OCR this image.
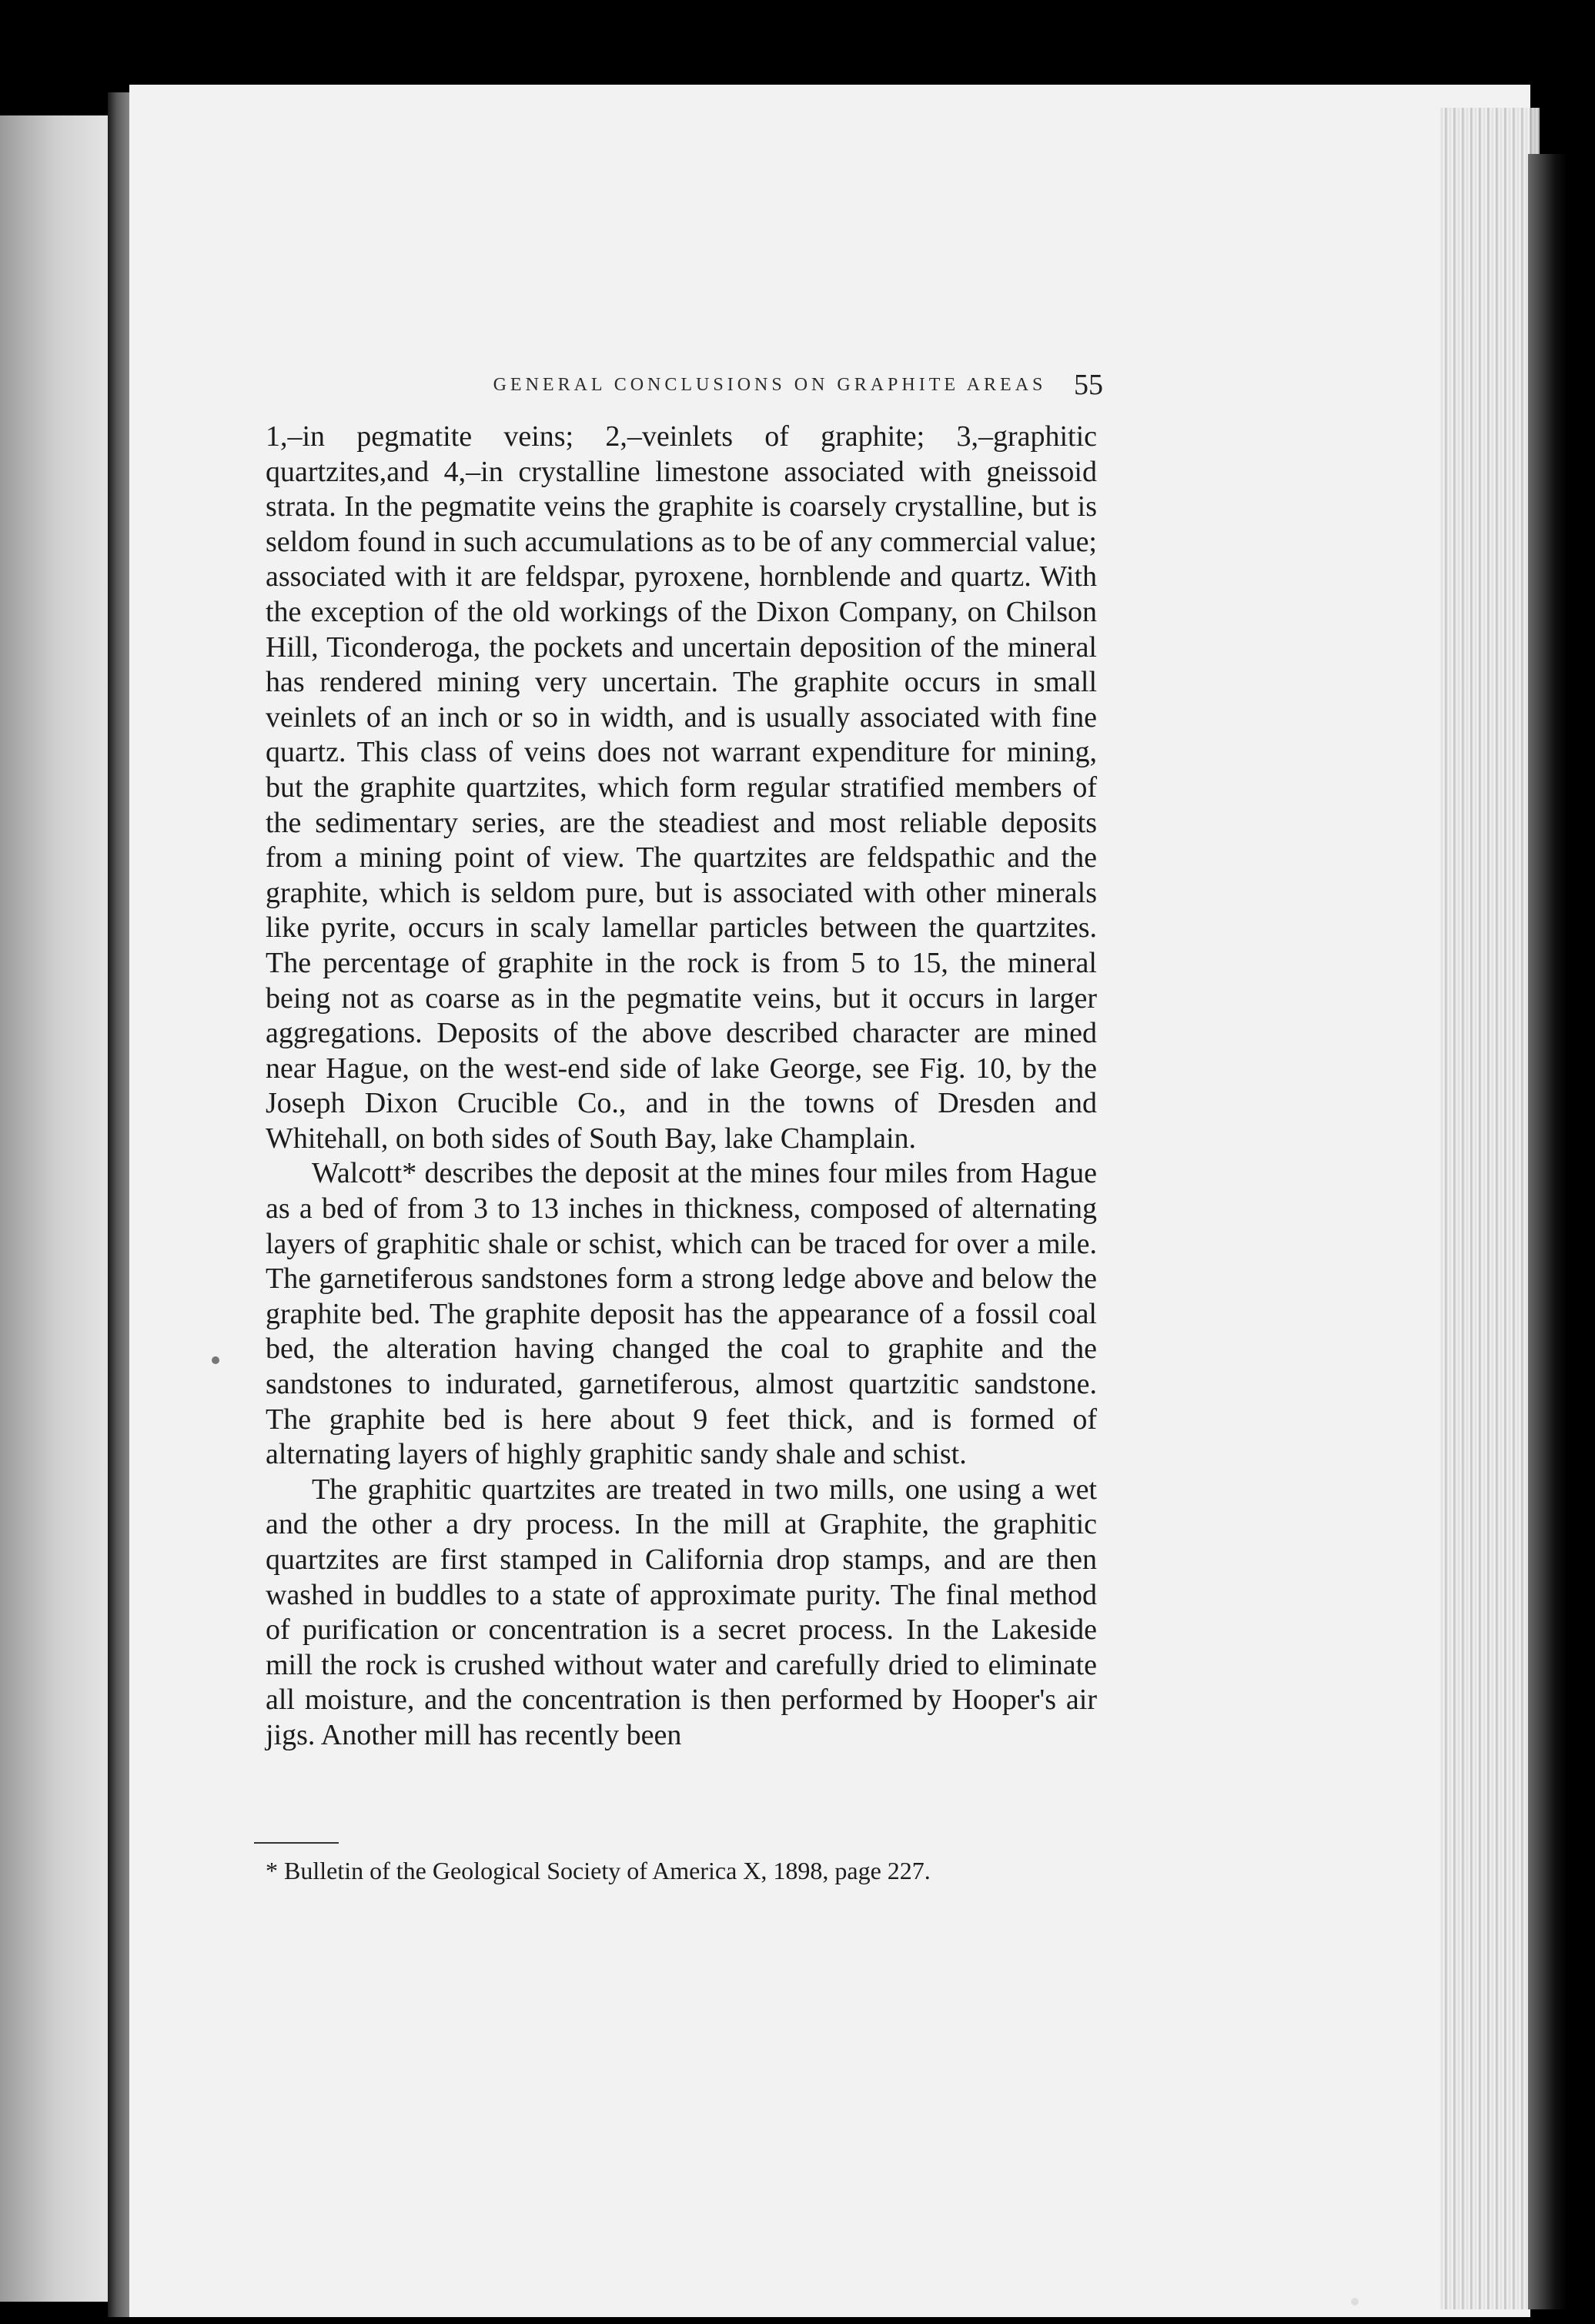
GENERAL CONCLUSIONS ON GRAPHITE AREAS 55

1,–in pegmatite veins; 2,–veinlets of graphite; 3,–graphitic quartzites,and 4,–in crystalline limestone associated with gneissoid strata. In the pegmatite veins the graphite is coarsely crystalline, but is seldom found in such accumulations as to be of any commercial value; associated with it are feldspar, pyroxene, hornblende and quartz. With the exception of the old workings of the Dixon Company, on Chilson Hill, Ticonderoga, the pockets and uncertain deposition of the mineral has rendered mining very uncertain. The graphite occurs in small veinlets of an inch or so in width, and is usually associated with fine quartz. This class of veins does not warrant expenditure for mining, but the graphite quartzites, which form regular stratified members of the sedimentary series, are the steadiest and most reliable deposits from a mining point of view. The quartzites are feldspathic and the graphite, which is seldom pure, but is associated with other minerals like pyrite, occurs in scaly lamellar particles between the quartzites. The percentage of graphite in the rock is from 5 to 15, the mineral being not as coarse as in the pegmatite veins, but it occurs in larger aggregations. Deposits of the above described character are mined near Hague, on the west-end side of lake George, see Fig. 10, by the Joseph Dixon Crucible Co., and in the towns of Dresden and Whitehall, on both sides of South Bay, lake Champlain.

Walcott* describes the deposit at the mines four miles from Hague as a bed of from 3 to 13 inches in thickness, composed of alternating layers of graphitic shale or schist, which can be traced for over a mile. The garnetiferous sandstones form a strong ledge above and below the graphite bed. The graphite deposit has the appearance of a fossil coal bed, the alteration having changed the coal to graphite and the sandstones to indurated, garnetiferous, almost quartzitic sandstone. The graphite bed is here about 9 feet thick, and is formed of alternating layers of highly graphitic sandy shale and schist.

The graphitic quartzites are treated in two mills, one using a wet and the other a dry process. In the mill at Graphite, the graphitic quartzites are first stamped in California drop stamps, and are then washed in buddles to a state of approximate purity. The final method of purification or concentration is a secret process. In the Lakeside mill the rock is crushed without water and carefully dried to eliminate all moisture, and the concentration is then performed by Hooper's air jigs. Another mill has recently been

* Bulletin of the Geological Society of America X, 1898, page 227.
